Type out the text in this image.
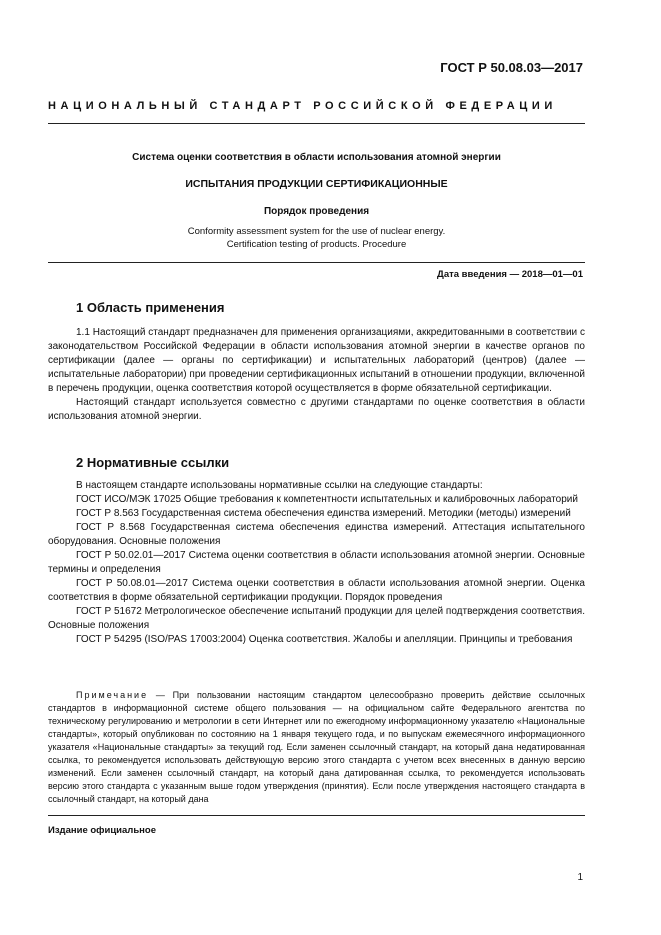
ГОСТ Р 50.08.03—2017
НАЦИОНАЛЬНЫЙ СТАНДАРТ РОССИЙСКОЙ ФЕДЕРАЦИИ
Система оценки соответствия в области использования атомной энергии
ИСПЫТАНИЯ ПРОДУКЦИИ СЕРТИФИКАЦИОННЫЕ
Порядок проведения
Conformity assessment system for the use of nuclear energy.
Certification testing of products. Procedure
Дата введения — 2018—01—01
1 Область применения

1.1 Настоящий стандарт предназначен для применения организациями, аккредитованными в соответствии с законодательством Российской Федерации в области использования атомной энергии в качестве органов по сертификации (далее — органы по сертификации) и испытательных лабораторий (центров) (далее — испытательные лаборатории) при проведении сертификационных испытаний в отношении продукции, включенной в перечень продукции, оценка соответствия которой осуществляется в форме обязательной сертификации.

Настоящий стандарт используется совместно с другими стандартами по оценке соответствия в области использования атомной энергии.

2 Нормативные ссылки

В настоящем стандарте использованы нормативные ссылки на следующие стандарты:

ГОСТ ИСО/МЭК 17025 Общие требования к компетентности испытательных и калибровочных лабораторий

ГОСТ Р 8.563 Государственная система обеспечения единства измерений. Методики (методы) измерений

ГОСТ Р 8.568 Государственная система обеспечения единства измерений. Аттестация испытательного оборудования. Основные положения

ГОСТ Р 50.02.01—2017 Система оценки соответствия в области использования атомной энергии. Основные термины и определения

ГОСТ Р 50.08.01—2017 Система оценки соответствия в области использования атомной энергии. Оценка соответствия в форме обязательной сертификации продукции. Порядок проведения

ГОСТ Р 51672 Метрологическое обеспечение испытаний продукции для целей подтверждения соответствия. Основные положения

ГОСТ Р 54295 (ISO/PAS 17003:2004) Оценка соответствия. Жалобы и апелляции. Принципы и требования

Примечание — При пользовании настоящим стандартом целесообразно проверить действие ссылочных стандартов в информационной системе общего пользования — на официальном сайте Федерального агентства по техническому регулированию и метрологии в сети Интернет или по ежегодному информационному указателю «Национальные стандарты», который опубликован по состоянию на 1 января текущего года, и по выпускам ежемесячного информационного указателя «Национальные стандарты» за текущий год. Если заменен ссылочный стандарт, на который дана недатированная ссылка, то рекомендуется использовать действующую версию этого стандарта с учетом всех внесенных в данную версию изменений. Если заменен ссылочный стандарт, на который дана датированная ссылка, то рекомендуется использовать версию этого стандарта с указанным выше годом утверждения (принятия). Если после утверждения настоящего стандарта в ссылочный стандарт, на который дана

Издание официальное
1
